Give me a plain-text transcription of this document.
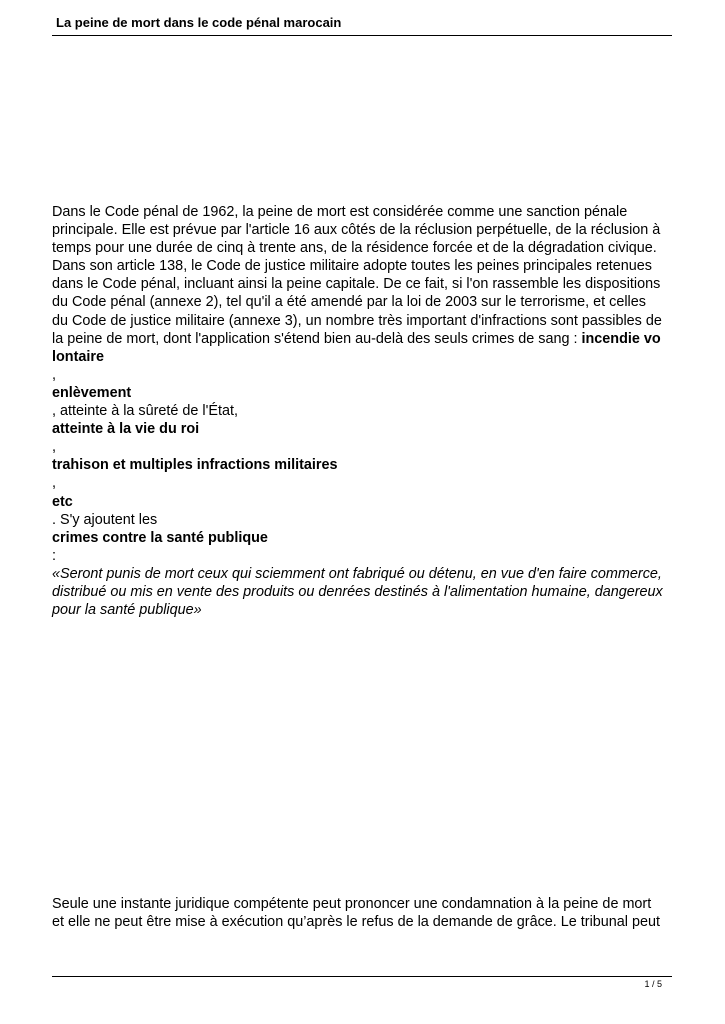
La peine de mort dans le code pénal marocain
Dans le Code pénal de 1962, la peine de mort est considérée comme une sanction pénale
principale. Elle est prévue par l'article 16 aux côtés de la réclusion perpétuelle, de la réclusion à
temps pour une durée de cinq à trente ans, de la résidence forcée et de la dégradation civique.
Dans son article 138, le Code de justice militaire adopte toutes les peines principales retenues
dans le Code pénal, incluant ainsi la peine capitale. De ce fait, si l'on rassemble les dispositions
du Code pénal (annexe 2), tel qu'il a été amendé par la loi de 2003 sur le terrorisme, et celles
du Code de justice militaire (annexe 3), un nombre très important d'infractions sont passibles de
la peine de mort, dont l'application s'étend bien au-delà des seuls crimes de sang : incendie vo
lontaire
,
enlèvement
, atteinte à la sûreté de l'État,
atteinte à la vie du roi
,
trahison et multiples infractions militaires
,
etc
. S'y ajoutent les
crimes contre la santé publique
:
«Seront punis de mort ceux qui sciemment ont fabriqué ou détenu, en vue d'en faire commerce,
distribué ou mis en vente des produits ou denrées destinés à l'alimentation humaine, dangereux
pour la santé publique»
Seule une instante juridique compétente peut prononcer une condamnation à la peine de mort
et elle ne peut être mise à exécution qu’après le refus de la demande de grâce. Le tribunal peut
1 / 5
